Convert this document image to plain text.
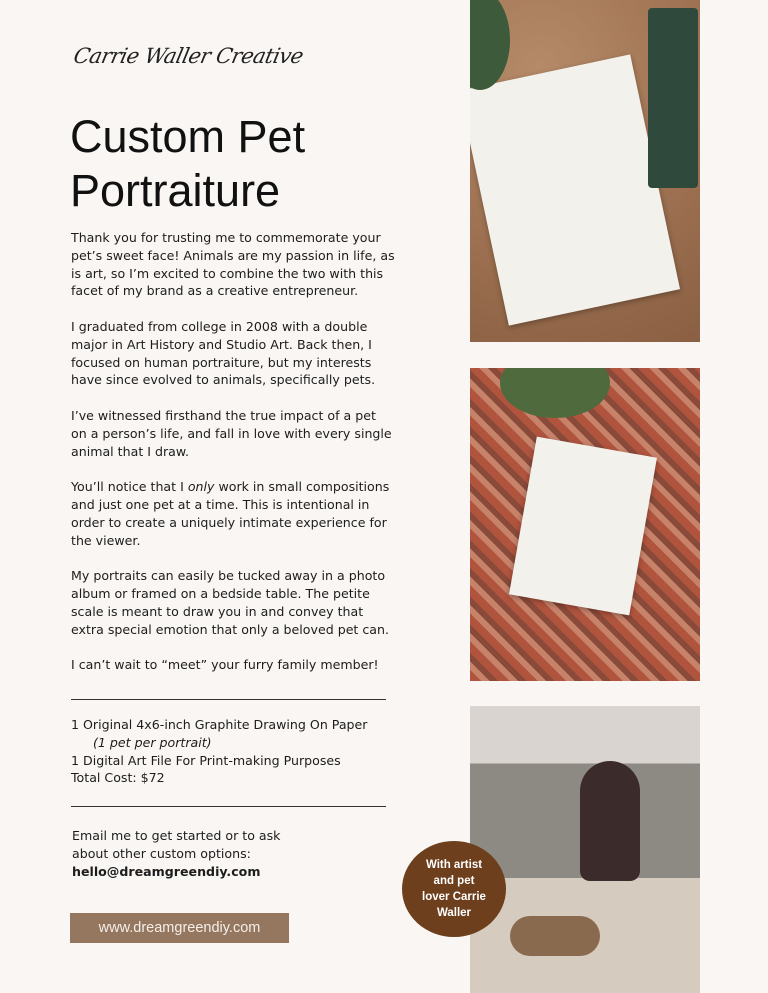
Carrie Waller Creative
Custom Pet
Portraiture

Thank you for trusting me to commemorate your
pet’s sweet face! Animals are my passion in life, as
is art, so I’m excited to combine the two with this
facet of my brand as a creative entrepreneur.

I graduated from college in 2008 with a double
major in Art History and Studio Art. Back then, I
focused on human portraiture, but my interests
have since evolved to animals, specifically pets.

I’ve witnessed firsthand the true impact of a pet
on a person’s life, and fall in love with every single
animal that I draw.

You’ll notice that I only work in small compositions
and just one pet at a time. This is intentional in
order to create a uniquely intimate experience for
the viewer.

My portraits can easily be tucked away in a photo
album or framed on a bedside table. The petite
scale is meant to draw you in and convey that
extra special emotion that only a beloved pet can.

I can’t wait to “meet” your furry family member!

1 Original 4x6-inch Graphite Drawing On Paper
(1 pet per portrait)
1 Digital Art File For Print-making Purposes
Total Cost: $72
Email me to get started or to ask
about other custom options:
hello@dreamgreendiy.com
www.dreamgreendiy.com
With artist
and pet
lover Carrie
Waller
